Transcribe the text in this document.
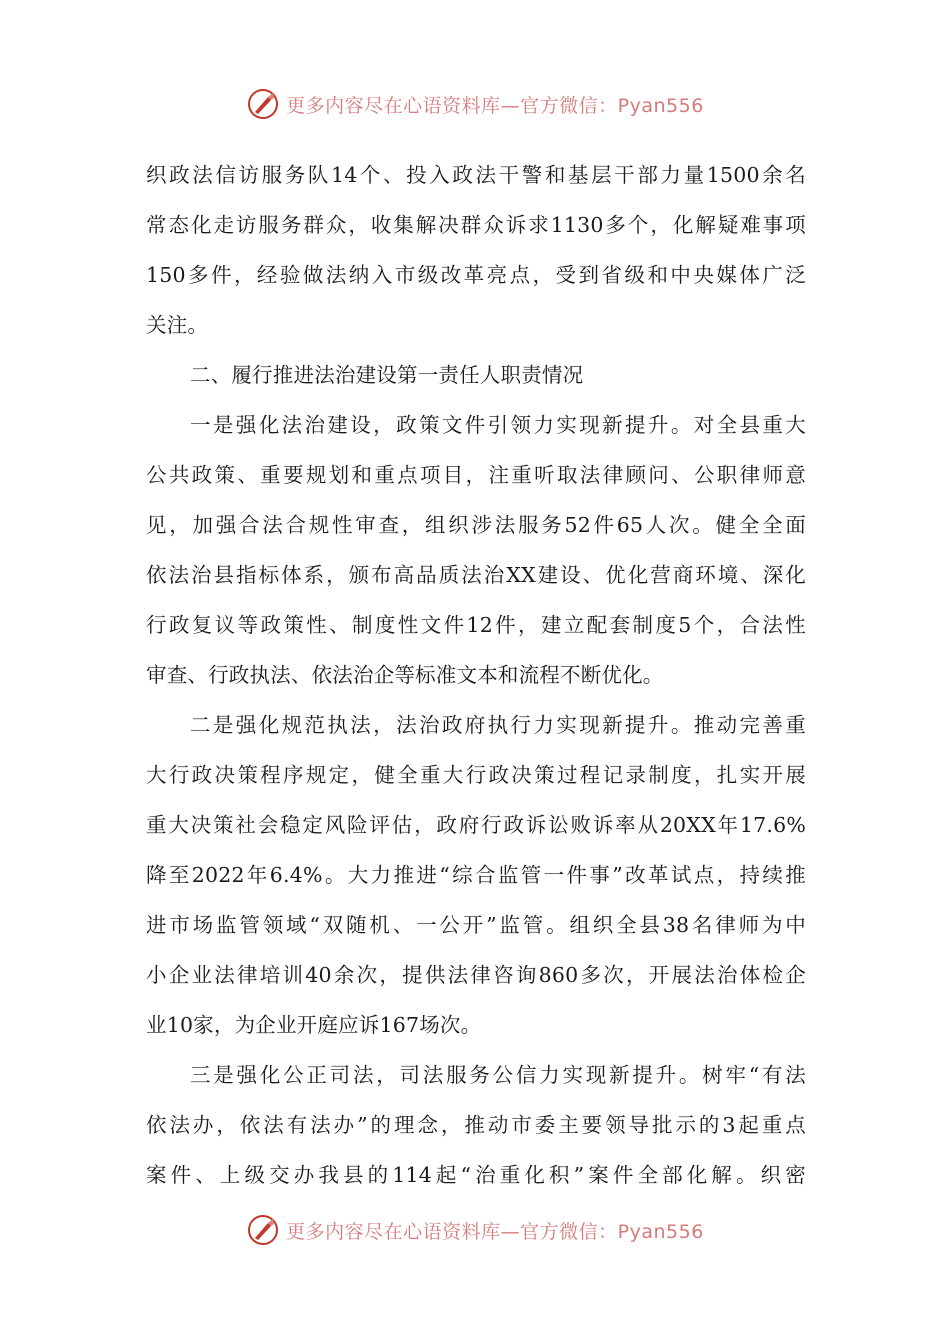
更多内容尽在心语资料库—官方微信：Pyan556
织政法信访服务队14个、投入政法干警和基层干部力量1500余名
常态化走访服务群众，收集解决群众诉求1130多个，化解疑难事项
150多件，经验做法纳入市级改革亮点，受到省级和中央媒体广泛
关注。
二、履行推进法治建设第一责任人职责情况
一是强化法治建设，政策文件引领力实现新提升。对全县重大
公共政策、重要规划和重点项目，注重听取法律顾问、公职律师意
见，加强合法合规性审查，组织涉法服务52件65人次。健全全面
依法治县指标体系，颁布高品质法治XX建设、优化营商环境、深化
行政复议等政策性、制度性文件12件，建立配套制度5个，合法性
审查、行政执法、依法治企等标准文本和流程不断优化。
二是强化规范执法，法治政府执行力实现新提升。推动完善重
大行政决策程序规定，健全重大行政决策过程记录制度，扎实开展
重大决策社会稳定风险评估，政府行政诉讼败诉率从20XX年17.6%
降至2022年6.4%。大力推进“综合监管一件事”改革试点，持续推
进市场监管领域“双随机、一公开”监管。组织全县38名律师为中
小企业法律培训40余次，提供法律咨询860多次，开展法治体检企
业10家，为企业开庭应诉167场次。
三是强化公正司法，司法服务公信力实现新提升。树牢“有法
依法办，依法有法办”的理念，推动市委主要领导批示的3起重点
案件、上级交办我县的114起“治重化积”案件全部化解。织密
更多内容尽在心语资料库—官方微信：Pyan556
